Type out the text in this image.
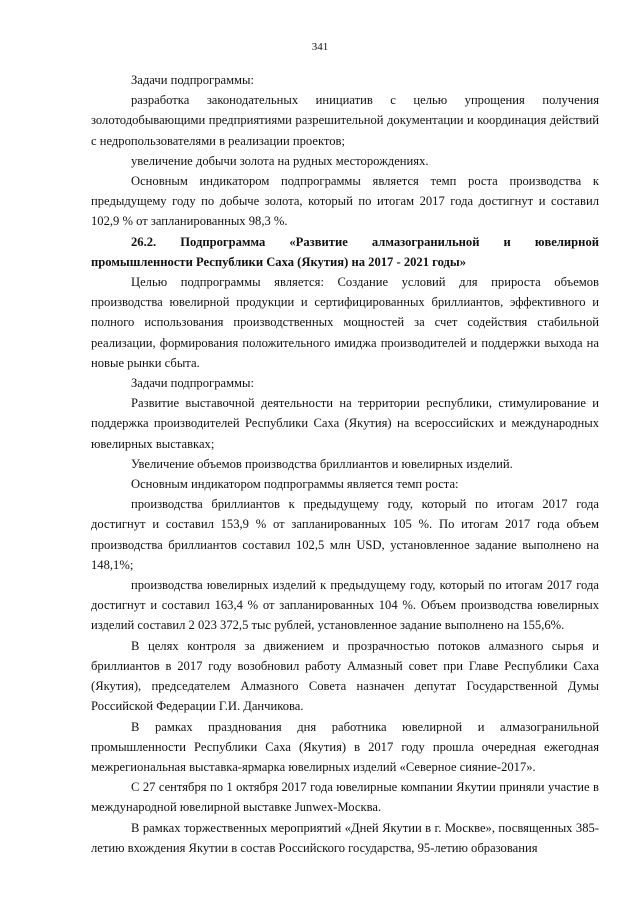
341

Задачи подпрограммы:

разработка законодательных инициатив с целью упрощения получения золотодобывающими предприятиями разрешительной документации и координация действий с недропользователями в реализации проектов;

увеличение добычи золота на рудных месторождениях.

Основным индикатором подпрограммы является темп роста производства к предыдущему году по добыче золота, который по итогам 2017 года достигнут и составил 102,9 % от запланированных 98,3 %.

26.2. Подпрограмма «Развитие алмазогранильной и ювелирной промышленности Республики Саха (Якутия) на 2017 - 2021 годы»

Целью подпрограммы является: Создание условий для прироста объемов производства ювелирной продукции и сертифицированных бриллиантов, эффективного и полного использования производственных мощностей за счет содействия стабильной реализации, формирования положительного имиджа производителей и поддержки выхода на новые рынки сбыта.

Задачи подпрограммы:

Развитие выставочной деятельности на территории республики, стимулирование и поддержка производителей Республики Саха (Якутия) на всероссийских и международных ювелирных выставках;

Увеличение объемов производства бриллиантов и ювелирных изделий.

Основным индикатором подпрограммы является темп роста:

производства бриллиантов к предыдущему году, который по итогам 2017 года достигнут и составил 153,9 % от запланированных 105 %. По итогам 2017 года объем производства бриллиантов составил 102,5 млн USD, установленное задание выполнено на 148,1%;

производства ювелирных изделий к предыдущему году, который по итогам 2017 года достигнут и составил 163,4 % от запланированных 104 %. Объем производства ювелирных изделий составил 2 023 372,5 тыс рублей, установленное задание выполнено на 155,6%.

В целях контроля за движением и прозрачностью потоков алмазного сырья и бриллиантов в 2017 году возобновил работу Алмазный совет при Главе Республики Саха (Якутия), председателем Алмазного Совета назначен депутат Государственной Думы Российской Федерации Г.И. Данчикова.

В рамках празднования дня работника ювелирной и алмазогранильной промышленности Республики Саха (Якутия) в 2017 году прошла очередная ежегодная межрегиональная выставка-ярмарка ювелирных изделий «Северное сияние-2017».

С 27 сентября по 1 октября 2017 года ювелирные компании Якутии приняли участие в международной ювелирной выставке Junwex-Москва.

В рамках торжественных мероприятий «Дней Якутии в г. Москве», посвященных 385-летию вхождения Якутии в состав Российского государства, 95-летию образования
